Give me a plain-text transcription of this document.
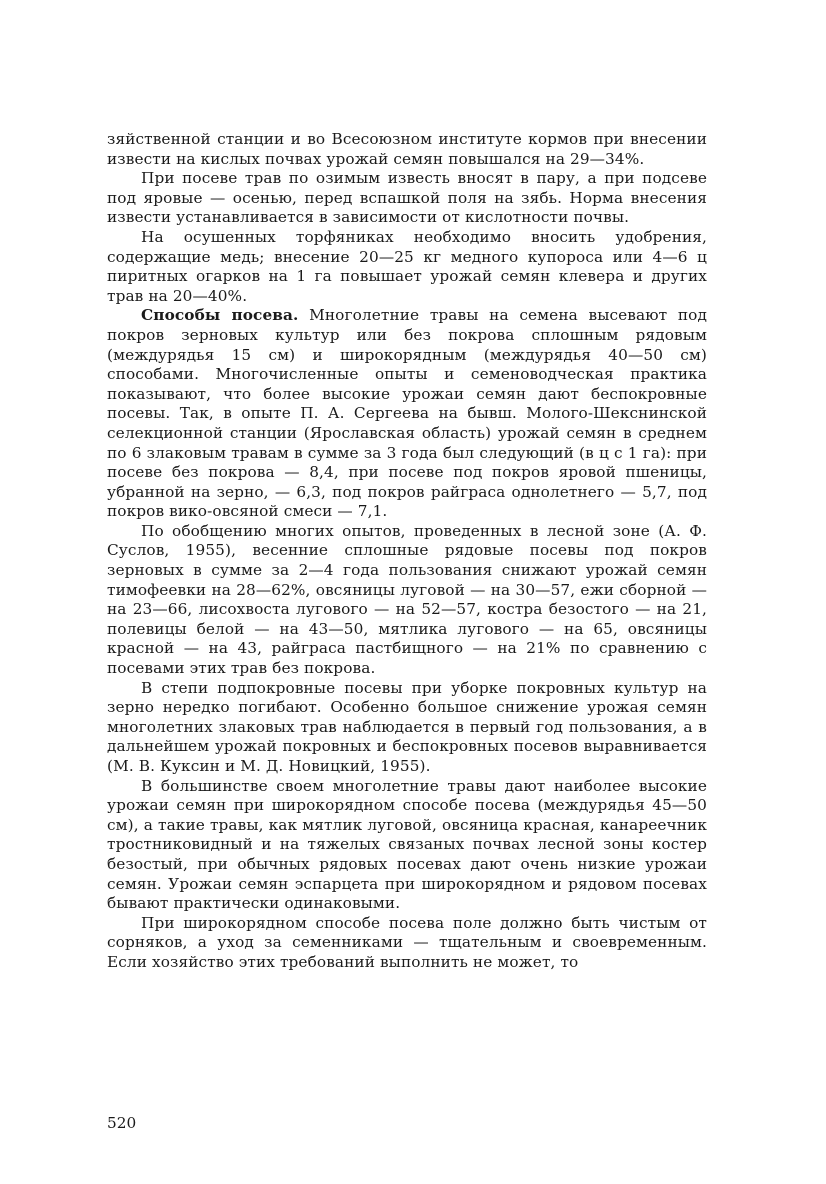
зяйственной станции и во Всесоюзном институте кормов при внесении извести на кислых почвах урожай семян повышался на 29—34%.

При посеве трав по озимым известь вносят в пару, а при подсеве под яровые — осенью, перед вспашкой поля на зябь. Норма внесения извести устанавливается в зависимости от кислотности почвы.

На осушенных торфяниках необходимо вносить удобрения, содержащие медь; внесение 20—25 кг медного купороса или 4—6 ц пиритных огарков на 1 га повышает урожай семян клевера и других трав на 20—40%.

Способы посева. Многолетние травы на семена высевают под покров зерновых культур или без покрова сплошным рядовым (междурядья 15 см) и широкорядным (междурядья 40—50 см) способами. Многочисленные опыты и семеноводческая практика показывают, что более высокие урожаи семян дают беспокровные посевы. Так, в опыте П. А. Сергеева на бывш. Молого-Шекснинской селекционной станции (Ярославская область) урожай семян в среднем по 6 злаковым травам в сумме за 3 года был следующий (в ц с 1 га): при посеве без покрова — 8,4, при посеве под покров яровой пшеницы, убранной на зерно, — 6,3, под покров райграса однолетнего — 5,7, под покров вико-овсяной смеси — 7,1.

По обобщению многих опытов, проведенных в лесной зоне (А. Ф. Суслов, 1955), весенние сплошные рядовые посевы под покров зерновых в сумме за 2—4 года пользования снижают урожай семян тимофеевки на 28—62%, овсяницы луговой — на 30—57, ежи сборной — на 23—66, лисохвоста лугового — на 52—57, костра безостого — на 21, полевицы белой — на 43—50, мятлика лугового — на 65, овсяницы красной — на 43, райграса пастбищного — на 21% по сравнению с посевами этих трав без покрова.

В степи подпокровные посевы при уборке покровных культур на зерно нередко погибают. Особенно большое снижение урожая семян многолетних злаковых трав наблюдается в первый год пользования, а в дальнейшем урожай покровных и беспокровных посевов выравнивается (М. В. Куксин и М. Д. Новицкий, 1955).

В большинстве своем многолетние травы дают наиболее высокие урожаи семян при широкорядном способе посева (междурядья 45—50 см), а такие травы, как мятлик луговой, овсяница красная, канареечник тростниковидный и на тяжелых связаных почвах лесной зоны костер безостый, при обычных рядовых посевах дают очень низкие урожаи семян. Урожаи семян эспарцета при широкорядном и рядовом посевах бывают практически одинаковыми.

При широкорядном способе посева поле должно быть чистым от сорняков, а уход за семенниками — тщательным и своевременным. Если хозяйство этих требований выполнить не может, то

520
